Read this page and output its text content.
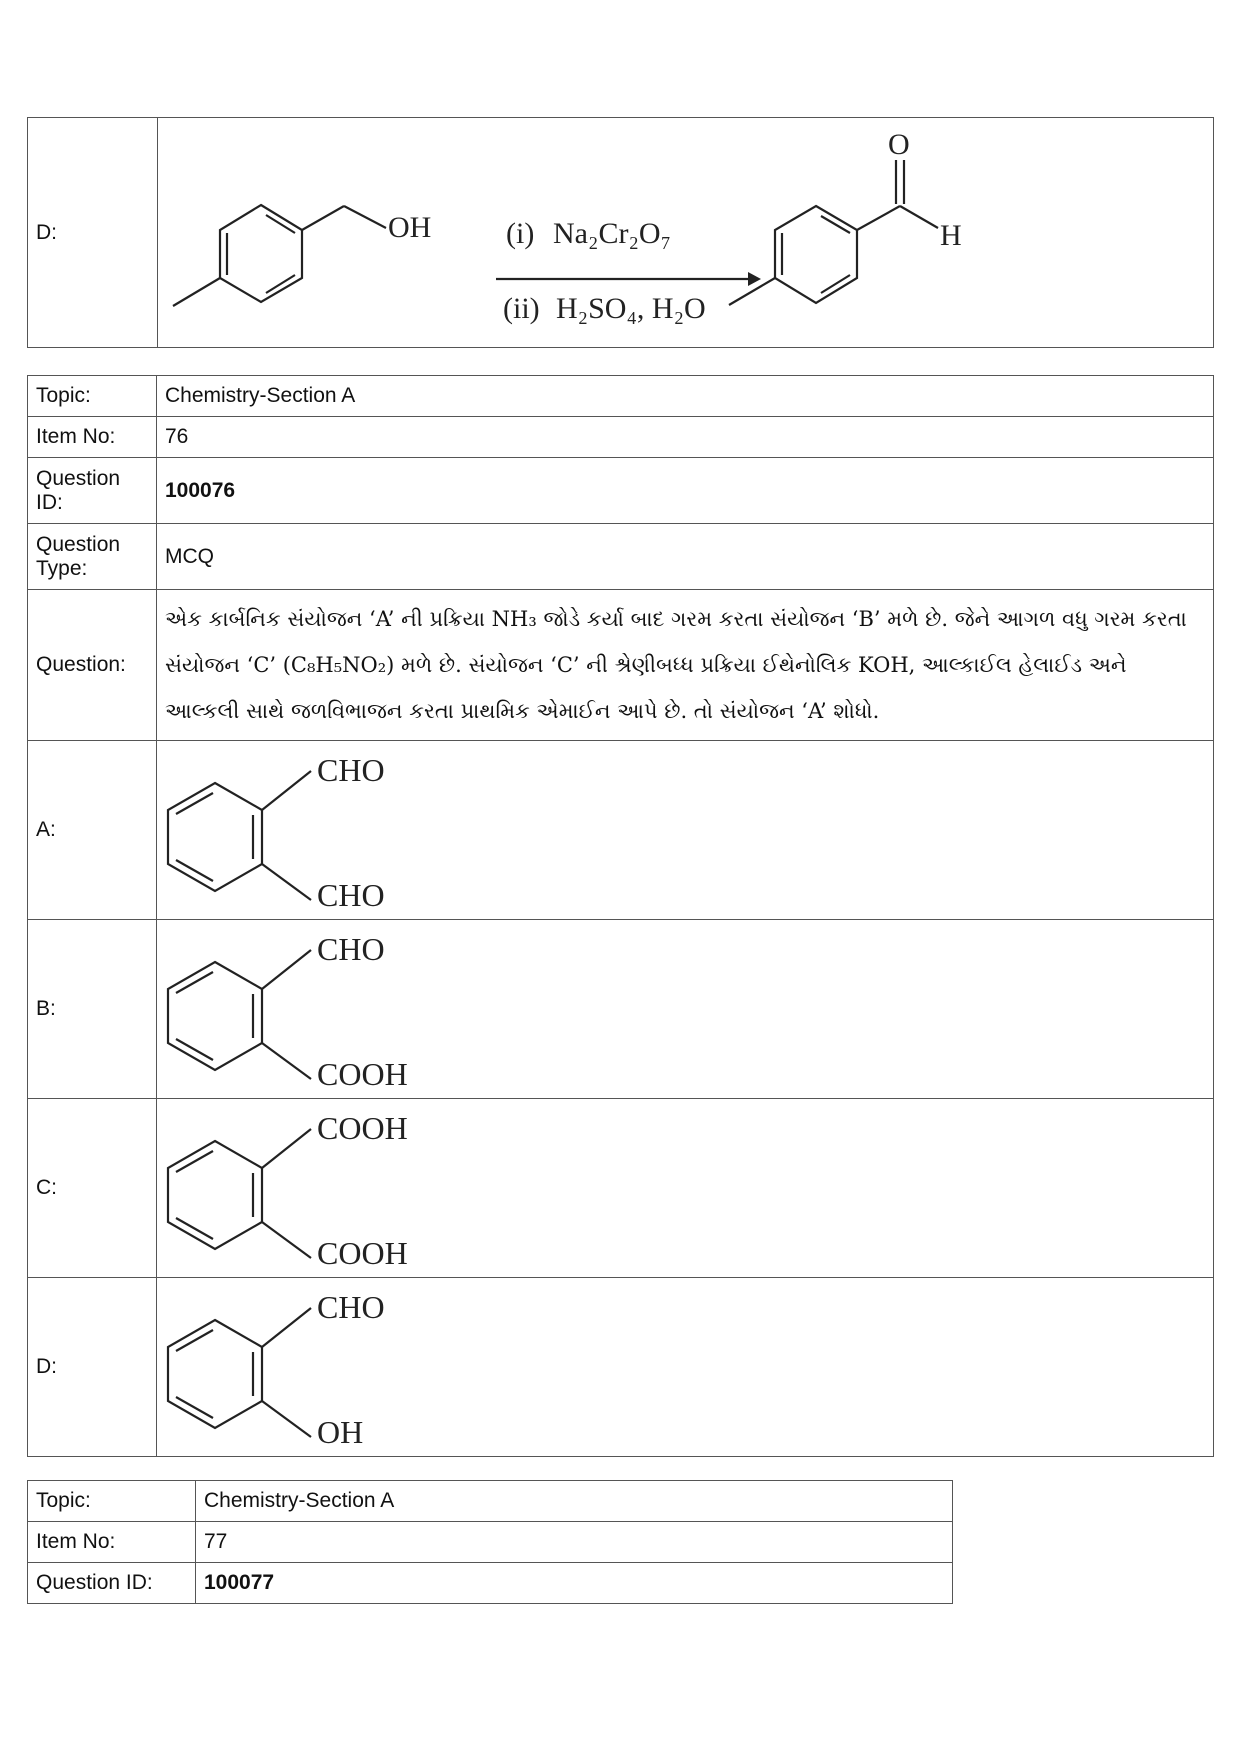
D:	OH (i) Na₂Cr₂O₇
(ii) H₂SO₄, H₂O
O
H
Topic:	Chemistry-Section A
Item No:	76
Question ID:	100076
Question Type:	MCQ
Question:	એક કાર્બનિક સંયોજન ‘A’ ની પ્રક્રિયા NH₃ જોડે કર્યા બાદ ગરમ કરતા સંયોજન ‘B’ મળે છે. જેને આગળ વધુ ગરમ કરતા સંયોજન ‘C’ (C₈H₅NO₂) મળે છે. સંયોજન ‘C’ ની શ્રેણીબધ્ધ પ્રક્રિયા ઈથેનોલિક KOH, આલ્કાઈલ હેલાઈડ અને આલ્કલી સાથે જળવિભાજન કરતા પ્રાથમિક એમાઈન આપે છે. તો સંયોજન ‘A’ શોધો.
A:	CHO
CHO

B:	CHO
COOH

C:	COOH
COOH

D:	CHO
OH
Topic:	Chemistry-Section A
Item No:	77
Question ID:	100077
